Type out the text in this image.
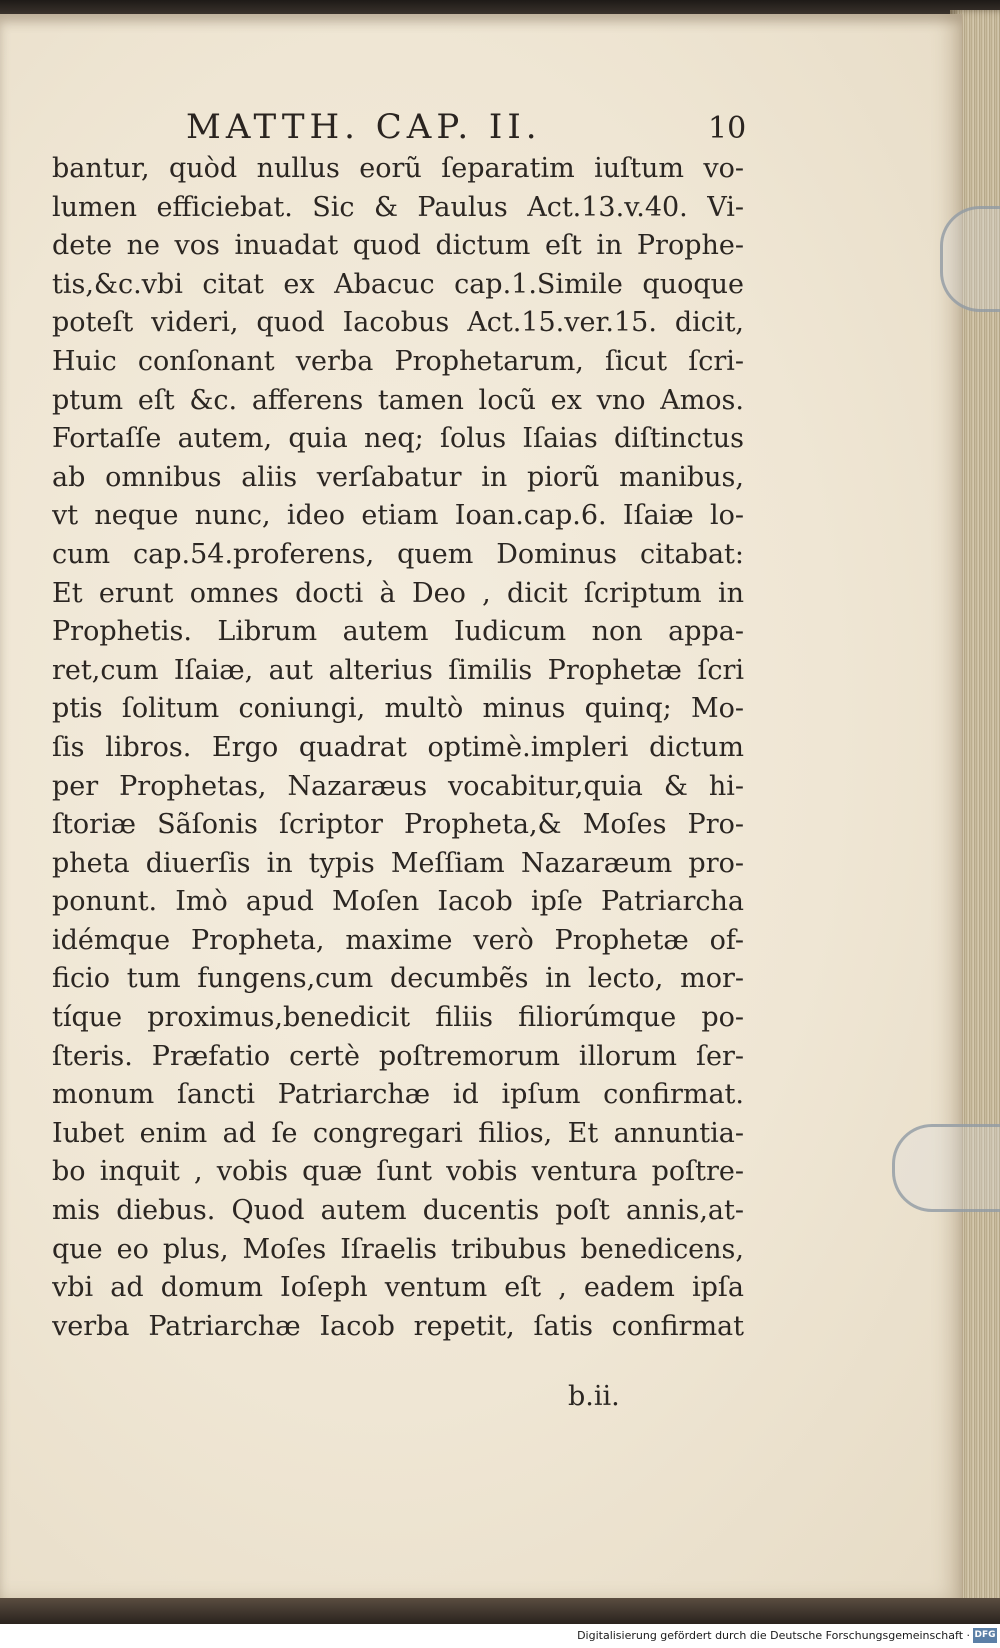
MATTH. CAP. II.	10
bantur, quòd nullus eorũ ſeparatim iuſtum vo-
lumen efficiebat. Sic & Paulus Act.13.v.40. Vi-
dete ne vos inuadat quod dictum eſt in Prophe-
tis,&c.vbi citat ex Abacuc cap.1.Simile quoque
poteſt videri, quod Iacobus Act.15.ver.15. dicit,
Huic conſonant verba Prophetarum, ſicut ſcri-
ptum eſt &c. afferens tamen locũ ex vno Amos.
Fortaſſe autem, quia neq; ſolus Iſaias diſtinctus
ab omnibus aliis verſabatur in piorũ manibus,
vt neque nunc, ideo etiam Ioan.cap.6. Iſaiæ lo-
cum cap.54.proferens, quem Dominus citabat:
Et erunt omnes docti à Deo , dicit ſcriptum in
Prophetis. Librum autem Iudicum non appa-
ret,cum Iſaiæ, aut alterius ſimilis Prophetæ ſcri
ptis ſolitum coniungi, multò minus quinq; Mo-
ſis libros. Ergo quadrat optimè.impleri dictum
per Prophetas, Nazaræus vocabitur,quia & hi-
ſtoriæ Sãſonis ſcriptor Propheta,& Moſes Pro-
pheta diuerſis in typis Meſſiam Nazaræum pro-
ponunt. Imò apud Moſen Iacob ipſe Patriarcha
idémque Propheta, maxime verò Prophetæ of-
ficio tum fungens,cum decumbẽs in lecto, mor-
tíque proximus,benedicit filiis filiorúmque po-
ſteris. Præfatio certè poſtremorum illorum ſer-
monum ſancti Patriarchæ id ipſum confirmat.
Iubet enim ad ſe congregari filios, Et annuntia-
bo inquit , vobis quæ ſunt vobis ventura poſtre-
mis diebus. Quod autem ducentis poſt annis,at-
que eo plus, Moſes Iſraelis tribubus benedicens,
vbi ad domum Ioſeph ventum eſt , eadem ipſa
verba Patriarchæ Iacob repetit, ſatis confirmat
b.ii.
Digitalisierung gefördert durch die Deutsche Forschungsgemeinschaft · DFG
